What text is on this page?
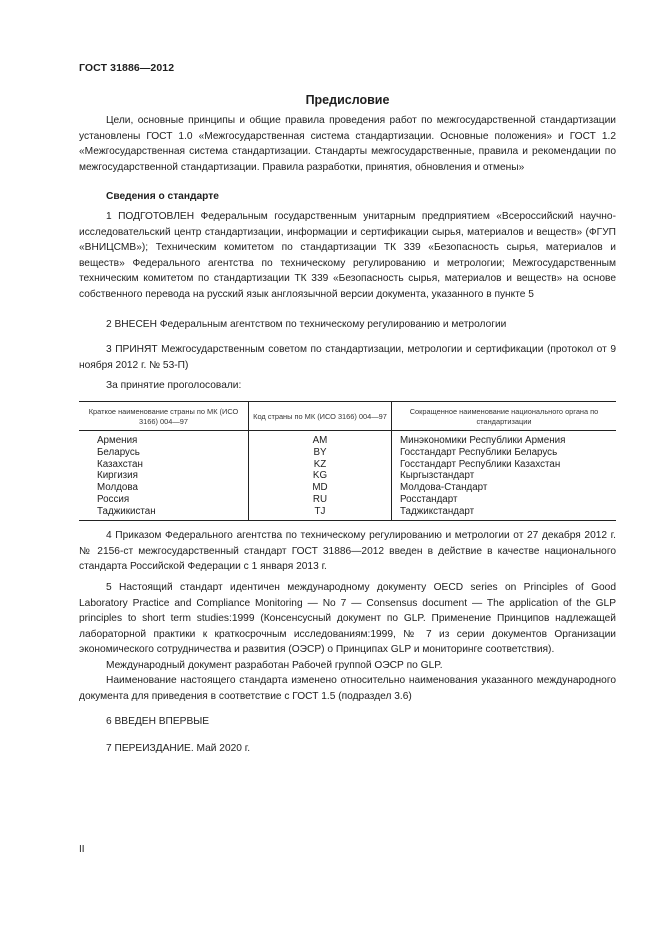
ГОСТ 31886—2012
Предисловие

Цели, основные принципы и общие правила проведения работ по межгосударственной стандартизации установлены ГОСТ 1.0 «Межгосударственная система стандартизации. Основные положения» и ГОСТ 1.2 «Межгосударственная система стандартизации. Стандарты межгосударственные, правила и рекомендации по межгосударственной стандартизации. Правила разработки, принятия, обновления и отмены»

Сведения о стандарте

1 ПОДГОТОВЛЕН Федеральным государственным унитарным предприятием «Всероссийский научно-исследовательский центр стандартизации, информации и сертификации сырья, материалов и веществ» (ФГУП «ВНИЦСМВ»); Техническим комитетом по стандартизации ТК 339 «Безопасность сырья, материалов и веществ» Федерального агентства по техническому регулированию и метрологии; Межгосударственным техническим комитетом по стандартизации ТК 339 «Безопасность сырья, материалов и веществ» на основе собственного перевода на русский язык англоязычной версии документа, указанного в пункте 5

2 ВНЕСЕН Федеральным агентством по техническому регулированию и метрологии

3 ПРИНЯТ Межгосударственным советом по стандартизации, метрологии и сертификации (протокол от 9 ноября 2012 г. № 53-П)

За принятие проголосовали:

Краткое наименование страны по МК (ИСО 3166) 004—97	Код страны по МК (ИСО 3166) 004—97	Сокращенное наименование национального органа по стандартизации
Армения	AM	Минэкономики Республики Армения
Беларусь	BY	Госстандарт Республики Беларусь
Казахстан	KZ	Госстандарт Республики Казахстан
Киргизия	KG	Кыргызстандарт
Молдова	MD	Молдова-Стандарт
Россия	RU	Росстандарт
Таджикистан	TJ	Таджикстандарт

4 Приказом Федерального агентства по техническому регулированию и метрологии от 27 декабря 2012 г. № 2156-ст межгосударственный стандарт ГОСТ 31886—2012 введен в действие в качестве национального стандарта Российской Федерации с 1 января 2013 г.

5 Настоящий стандарт идентичен международному документу OECD series on Principles of Good Laboratory Practice and Compliance Monitoring — No 7 — Consensus document — The application of the GLP principles to short term studies:1999 (Консенсусный документ по GLP. Применение Принципов надлежащей лабораторной практики к краткосрочным исследованиям:1999, № 7 из серии документов Организации экономического сотрудничества и развития (ОЭСР) о Принципах GLP и мониторинге соответствия).

Международный документ разработан Рабочей группой ОЭСР по GLP.

Наименование настоящего стандарта изменено относительно наименования указанного международного документа для приведения в соответствие с ГОСТ 1.5 (подраздел 3.6)

6 ВВЕДЕН ВПЕРВЫЕ

7 ПЕРЕИЗДАНИЕ. Май 2020 г.

II
